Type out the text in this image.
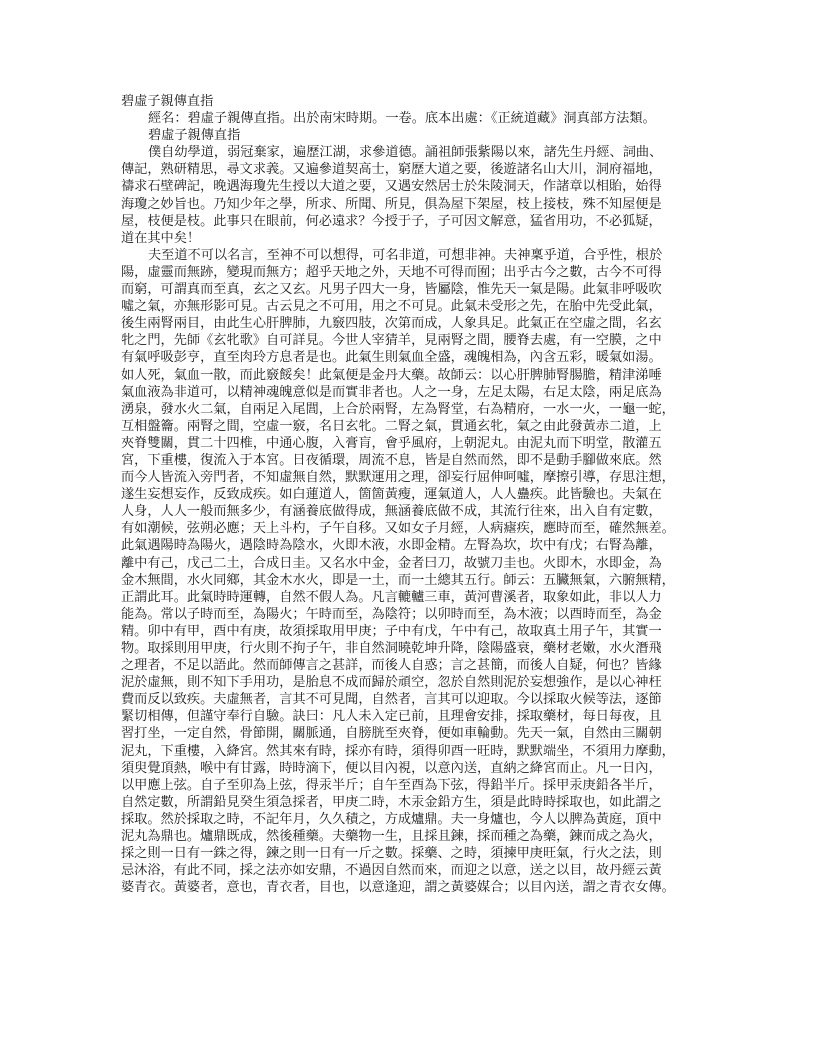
碧虛子親傳直指
經名：碧虛子親傳直指。出於南宋時期。一卷。底本出處：《正統道藏》洞真部方法類。
碧虛子親傳直指
僕自幼學道，弱冠棄家，遍歷江湖，求參道德。誦祖師張紫陽以來，諸先生丹經、詞曲、
傳記，熟研精思，尋文求義。又遍參道契高士，窮歷大道之要，後遊諸名山大川，洞府福地，
禱求石壁碑記，晚遇海瓊先生授以大道之要，又遇安然居士於朱陵洞天，作諸章以相貽，始得
海瓊之妙旨也。乃知少年之學，所求、所聞、所見，俱為屋下架屋，枝上接枝，殊不知屋便是
屋，枝便是枝。此事只在眼前，何必遠求？今授于子，子可因文解意，猛省用功，不必狐疑，
道在其中矣！
夫至道不可以名言，至神不可以想得，可名非道，可想非神。夫神稟乎道，合乎性，根於
陽，虛靈而無跡，變現而無方；超乎天地之外，天地不可得而囿；出乎古今之數，古今不可得
而窮，可謂真而至真，玄之又玄。凡男子四大一身，皆屬陰，惟先天一氣是陽。此氣非呼吸吹
噓之氣，亦無形影可見。古云見之不可用，用之不可見。此氣未受形之先，在胎中先受此氣，
後生兩腎兩目，由此生心肝脾肺，九竅四肢，次第而成，人象具足。此氣正在空虛之間，名玄
牝之門，先師《玄牝歌》自可詳見。今世人宰猜羊，見兩腎之間，腰脊去處，有一空膜，之中
有氣呼吸彭亨，直至肉玲方息者是也。此氣生則氣血全盛，魂魄相為，內含五彩，暖氣如湯。
如人死，氣血一散，而此竅餒矣！此氣便是金丹大藥。故師云：以心肝脾肺腎腸膽，精津涕唾
氣血液為非道可，以精神魂魄意似是而實非者也。人之一身，左足太陽，右足太陰，兩足底為
湧泉，發水火二氣，自兩足入尾閭，上合於兩腎，左為腎堂，右為精府，一水一火，一龜一蛇，
互相盤籥。兩腎之間，空虛一竅，名日玄牝。二腎之氣，貫通玄牝，氣之由此發黃赤二道，上
夾脊雙關，貫二十四椎，中通心腹，入膏肓，會乎風府，上朝泥丸。由泥丸而下明堂，散灌五
宮，下重樓，復流入于本宮。日夜循環，周流不息，皆是自然而然，即不是動手腳做來底。然
而今人皆流入旁門者，不知虛無自然，默默運用之理，卻妄行屈伸呵噓，摩擦引導，存思注想，
遂生妄想妄作，反致成疾。如白蓮道人，箇箇黃瘦，運氣道人，人人蠱疾。此皆驗也。夫氣在
人身，人人一般而無多少，有涵養底做得成，無涵養底做不成，其流行往來，出入自有定數，
有如潮候，弦朔必應；天上斗杓，子午自移。又如女子月經，人病瘧疾，應時而至，確然無差。
此氣遇陽時為陽火，遇陰時為陰水，火即木液，水即金精。左腎為坎，坎中有戊；右腎為離，
離中有己，戊己二土，合成日圭。又名水中金，金者曰刀，故號刀圭也。火即木，水即金，為
金木無間，水火同鄉，其金木水火，即是一土，而一土總其五行。師云：五臟無氣，六腑無精，
正謂此耳。此氣時時運轉，自然不假人為。凡言轆轤三車，黃河曹溪者，取象如此，非以人力
能為。常以子時而至，為陽火；午時而至，為陰符；以卯時而至，為木液；以酉時而至，為金
精。卯中有甲，酉中有庚，故須採取用甲庚；子中有戊，午中有己，故取真土用子午，其實一
物。取採則用甲庚，行火則不拘子午，非自然洞曉乾坤升降，陰陽盛衰，藥材老嫩，水火潛飛
之理者，不足以語此。然而師傳言之甚詳，而後人自惑；言之甚簡，而後人自疑，何也？皆緣
泥於虛無，則不知下手用功，是胎息不成而歸於頑空，忽於自然則泥於妄想強作，是以心神枉
費而反以致疾。夫虛無者，言其不可見聞，自然者，言其可以迎取。今以採取火候等法，逐節
緊切相傳，但謹守奉行自驗。訣曰：凡人未入定已前，且理會安排，採取藥材，每日每夜，且
習打坐，一定自然，骨節開，關脈通，自膀胱至夾脊，便如車輪動。先天一氣，自然由三關朝
泥丸，下重樓，入絳宮。然其來有時，採亦有時，須得卯酉一旺時，默默端坐，不須用力摩動，
須臾覺頂熱，喉中有甘露，時時滴下，便以目內視，以意內送，直納之絳宮而止。凡一日內，
以甲應上弦。自子至卯為上弦，得汞半斤；自午至酉為下弦，得鉛半斤。採甲汞庚鉛各半斤，
自然定數，所謂鉛見癸生須急採者，甲庚二時，木汞金鉛方生，須是此時時採取也，如此謂之
採取。然於採取之時，不記年月，久久積之，方成爐鼎。夫一身爐也，今人以脾為黃庭，頂中
泥丸為鼎也。爐鼎既成，然後種藥。夫藥物一生，且採且鍊，採而種之為藥，鍊而成之為火，
採之則一日有一銖之得，鍊之則一日有一斤之數。採藥、之時，須揀甲庚旺氣，行火之法，則
忌沐浴，有此不同，採之法亦如安鼎，不過因自然而來，而迎之以意，送之以目，故丹經云黃
婆青衣。黃婆者，意也，青衣者，目也，以意逢迎，謂之黃婆媒合；以目內送，謂之青衣女傳。
